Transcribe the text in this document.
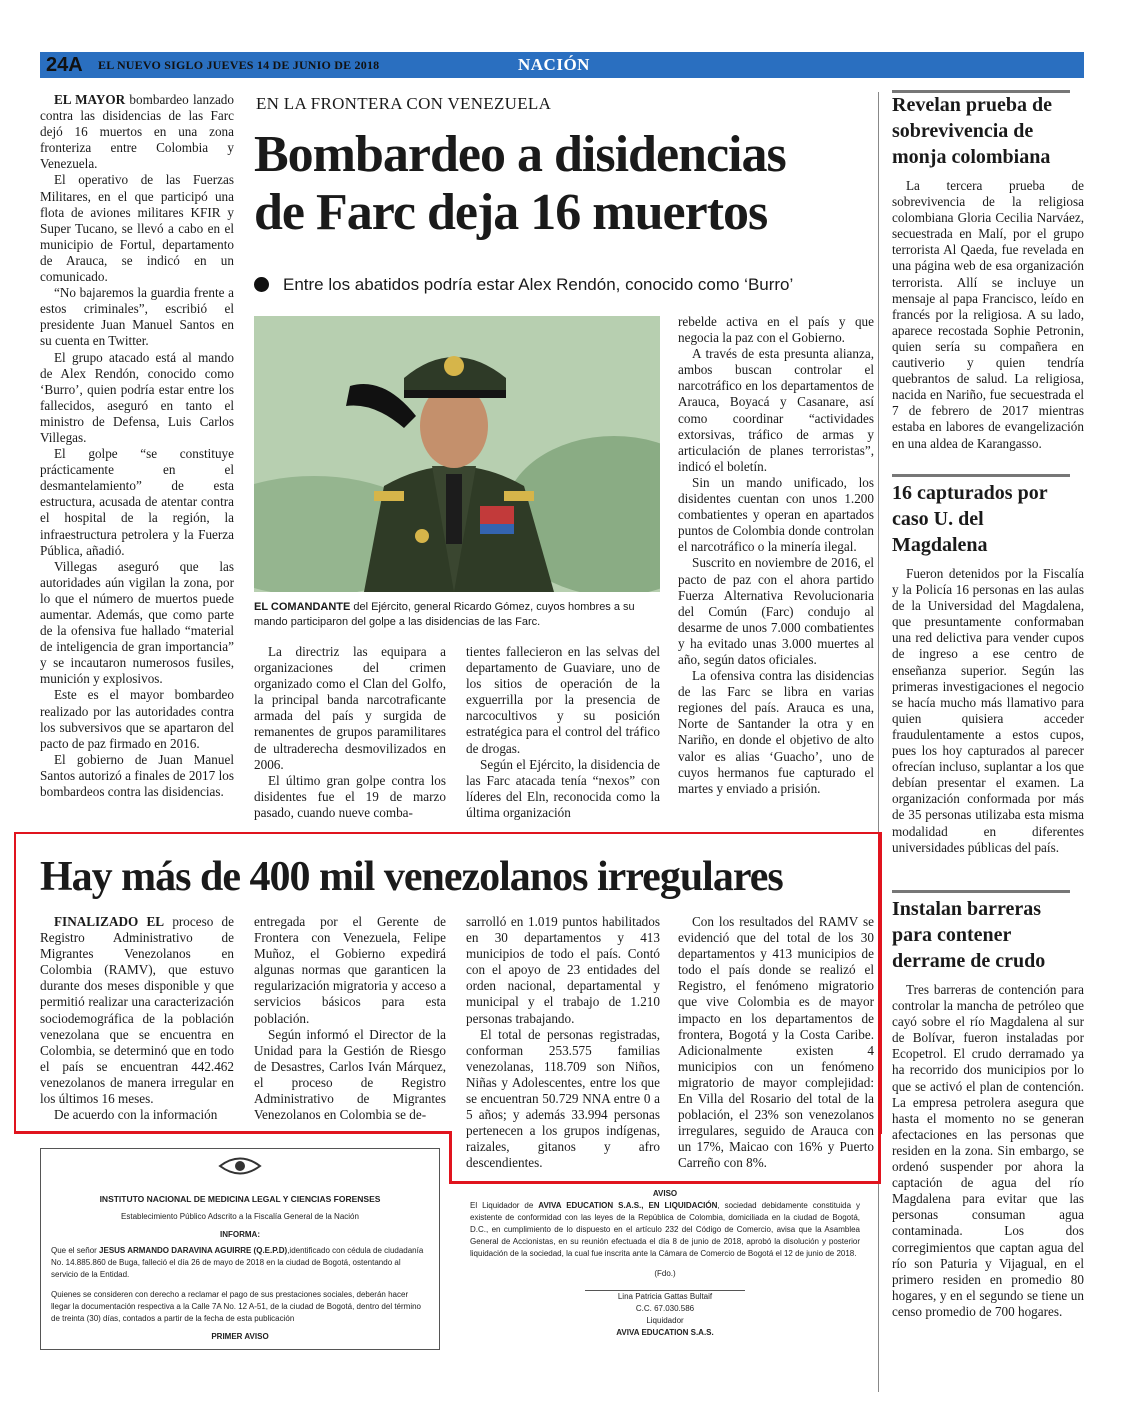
24A EL NUEVO SIGLO JUEVES 14 DE JUNIO DE 2018	NACIÓN
EN LA FRONTERA CON VENEZUELA
Bombardeo a disidencias
de Farc deja 16 muertos
Entre los abatidos podría estar Alex Rendón, conocido como ‘Burro’

EL MAYOR bombardeo lanzado contra las disidencias de las Farc dejó 16 muertos en una zona fronteriza entre Colombia y Venezuela.

El operativo de las Fuerzas Militares, en el que participó una flota de aviones militares KFIR y Super Tucano, se llevó a cabo en el municipio de Fortul, departamento de Arauca, se indicó en un comunicado.

“No bajaremos la guardia frente a estos criminales”, escribió el presidente Juan Manuel Santos en su cuenta en Twitter.

El grupo atacado está al mando de Alex Rendón, conocido como ‘Burro’, quien podría estar entre los fallecidos, aseguró en tanto el ministro de Defensa, Luis Carlos Villegas.

El golpe “se constituye prácticamente en el desmantelamiento” de esta estructura, acusada de atentar contra el hospital de la región, la infraestructura petrolera y la Fuerza Pública, añadió.

Villegas aseguró que las autoridades aún vigilan la zona, por lo que el número de muertos puede aumentar. Además, que como parte de la ofensiva fue hallado “material de inteligencia de gran importancia” y se incautaron numerosos fusiles, munición y explosivos.

Este es el mayor bombardeo realizado por las autoridades contra los subversivos que se apartaron del pacto de paz firmado en 2016.

El gobierno de Juan Manuel Santos autorizó a finales de 2017 los bombardeos contra las disidencias.

EL COMANDANTE del Ejército, general Ricardo Gómez, cuyos hombres a su mando participaron del golpe a las disidencias de las Farc.

La directriz las equipara a organizaciones del crimen organizado como el Clan del Golfo, la principal banda narcotraficante armada del país y surgida de remanentes de grupos paramilitares de ultraderecha desmovilizados en 2006.

El último gran golpe contra los disidentes fue el 19 de marzo pasado, cuando nueve comba-

tientes fallecieron en las selvas del departamento de Guaviare, uno de los sitios de operación de la exguerrilla por la presencia de narcocultivos y su posición estratégica para el control del tráfico de drogas.

Según el Ejército, la disidencia de las Farc atacada tenía “nexos” con líderes del Eln, reconocida como la última organización

rebelde activa en el país y que negocia la paz con el Gobierno.

A través de esta presunta alianza, ambos buscan controlar el narcotráfico en los departamentos de Arauca, Boyacá y Casanare, así como coordinar “actividades extorsivas, tráfico de armas y articulación de planes terroristas”, indicó el boletín.

Sin un mando unificado, los disidentes cuentan con unos 1.200 combatientes y operan en apartados puntos de Colombia donde controlan el narcotráfico o la minería ilegal.

Suscrito en noviembre de 2016, el pacto de paz con el ahora partido Fuerza Alternativa Revolucionaria del Común (Farc) condujo al desarme de unos 7.000 combatientes y ha evitado unas 3.000 muertes al año, según datos oficiales.

La ofensiva contra las disidencias de las Farc se libra en varias regiones del país. Arauca es una, Norte de Santander la otra y en Nariño, en donde el objetivo de alto valor es alias ‘Guacho’, uno de cuyos hermanos fue capturado el martes y enviado a prisión.

Revelan prueba de sobrevivencia de monja colombiana

La tercera prueba de sobrevivencia de la religiosa colombiana Gloria Cecilia Narváez, secuestrada en Malí, por el grupo terrorista Al Qaeda, fue revelada en una página web de esa organización terrorista. Allí se incluye un mensaje al papa Francisco, leído en francés por la religiosa. A su lado, aparece recostada Sophie Petronin, quien sería su compañera en cautiverio y quien tendría quebrantos de salud. La religiosa, nacida en Nariño, fue secuestrada el 7 de febrero de 2017 mientras estaba en labores de evangelización en una aldea de Karangasso.

16 capturados por caso U. del Magdalena

Fueron detenidos por la Fiscalía y la Policía 16 personas en las aulas de la Universidad del Magdalena, que presuntamente conformaban una red delictiva para vender cupos de ingreso a ese centro de enseñanza superior. Según las primeras investigaciones el negocio se hacía mucho más llamativo para quien quisiera acceder fraudulentamente a estos cupos, pues los hoy capturados al parecer ofrecían incluso, suplantar a los que debían presentar el examen. La organización conformada por más de 35 personas utilizaba esta misma modalidad en diferentes universidades públicas del país.

Instalan barreras para contener derrame de crudo

Tres barreras de contención para controlar la mancha de petróleo que cayó sobre el río Magdalena al sur de Bolívar, fueron instaladas por Ecopetrol. El crudo derramado ya ha recorrido dos municipios por lo que se activó el plan de contención. La empresa petrolera asegura que hasta el momento no se generan afectaciones en las personas que residen en la zona. Sin embargo, se ordenó suspender por ahora la captación de agua del río Magdalena para evitar que las personas consuman agua contaminada. Los dos corregimientos que captan agua del río son Paturia y Vijagual, en el primero residen en promedio 80 hogares, y en el segundo se tiene un censo promedio de 700 hogares.

Hay más de 400 mil venezolanos irregulares

FINALIZADO EL proceso de Registro Administrativo de Migrantes Venezolanos en Colombia (RAMV), que estuvo durante dos meses disponible y que permitió realizar una caracterización sociodemográfica de la población venezolana que se encuentra en Colombia, se determinó que en todo el país se encuentran 442.462 venezolanos de manera irregular en los últimos 16 meses.

De acuerdo con la información

entregada por el Gerente de Frontera con Venezuela, Felipe Muñoz, el Gobierno expedirá algunas normas que garanticen la regularización migratoria y acceso a servicios básicos para esta población.

Según informó el Director de la Unidad para la Gestión de Riesgo de Desastres, Carlos Iván Márquez, el proceso de Registro Administrativo de Migrantes Venezolanos en Colombia se de-

sarrolló en 1.019 puntos habilitados en 30 departamentos y 413 municipios de todo el país. Contó con el apoyo de 23 entidades del orden nacional, departamental y municipal y el trabajo de 1.210 personas trabajando.

El total de personas registradas, conforman 253.575 familias venezolanas, 118.709 son Niños, Niñas y Adolescentes, entre los que se encuentran 50.729 NNA entre 0 a 5 años; y además 33.994 personas pertenecen a los grupos indígenas, raizales, gitanos y afro descendientes.

Con los resultados del RAMV se evidenció que del total de los 30 departamentos y 413 municipios de todo el país donde se realizó el Registro, el fenómeno migratorio que vive Colombia es de mayor impacto en los departamentos de frontera, Bogotá y la Costa Caribe. Adicionalmente existen 4 municipios con un fenómeno migratorio de mayor complejidad: En Villa del Rosario del total de la población, el 23% son venezolanos irregulares, seguido de Arauca con un 17%, Maicao con 16% y Puerto Carreño con 8%.

INSTITUTO NACIONAL DE MEDICINA LEGAL Y CIENCIAS FORENSES
Establecimiento Público Adscrito a la Fiscalía General de la Nación
INFORMA:
Que el señor JESUS ARMANDO DARAVINA AGUIRRE (Q.E.P.D),identificado con cédula de ciudadanía No. 14.885.860 de Buga, falleció el día 26 de mayo de 2018 en la ciudad de Bogotá, ostentando al servicio de la Entidad.
Quienes se consideren con derecho a reclamar el pago de sus prestaciones sociales, deberán hacer llegar la documentación respectiva a la Calle 7A No. 12 A-51, de la ciudad de Bogotá, dentro del término de treinta (30) días, contados a partir de la fecha de esta publicación
PRIMER AVISO
AVISO
El Liquidador de AVIVA EDUCATION S.A.S., EN LIQUIDACIÓN, sociedad debidamente constituida y existente de conformidad con las leyes de la República de Colombia, domiciliada en la ciudad de Bogotá, D.C., en cumplimiento de lo dispuesto en el artículo 232 del Código de Comercio, avisa que la Asamblea General de Accionistas, en su reunión efectuada el día 8 de junio de 2018, aprobó la disolución y posterior liquidación de la sociedad, la cual fue inscrita ante la Cámara de Comercio de Bogotá el 12 de junio de 2018.
(Fdo.)
Lina Patricia Gattas Bultaif
C.C. 67.030.586
Liquidador
AVIVA EDUCATION S.A.S.
